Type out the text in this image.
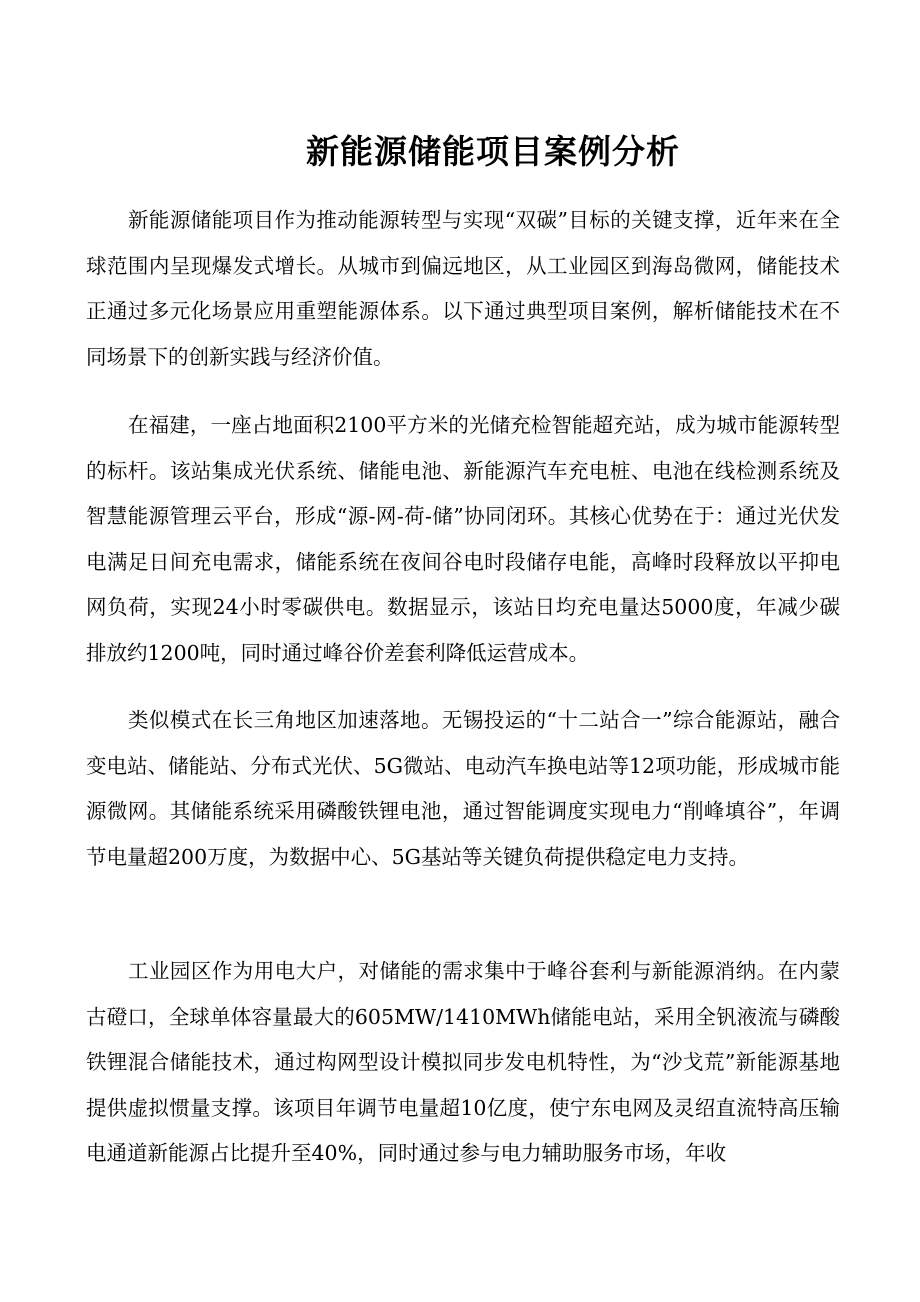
新能源储能项目案例分析

新能源储能项目作为推动能源转型与实现“双碳”目标的关键支撑，近年来在全球范围内呈现爆发式增长。从城市到偏远地区，从工业园区到海岛微网，储能技术正通过多元化场景应用重塑能源体系。以下通过典型项目案例，解析储能技术在不同场景下的创新实践与经济价值。

在福建，一座占地面积2100平方米的光储充检智能超充站，成为城市能源转型的标杆。该站集成光伏系统、储能电池、新能源汽车充电桩、电池在线检测系统及智慧能源管理云平台，形成“源-网-荷-储”协同闭环。其核心优势在于：通过光伏发电满足日间充电需求，储能系统在夜间谷电时段储存电能，高峰时段释放以平抑电网负荷，实现24小时零碳供电。数据显示，该站日均充电量达5000度，年减少碳排放约1200吨，同时通过峰谷价差套利降低运营成本。

类似模式在长三角地区加速落地。无锡投运的“十二站合一”综合能源站，融合变电站、储能站、分布式光伏、5G微站、电动汽车换电站等12项功能，形成城市能源微网。其储能系统采用磷酸铁锂电池，通过智能调度实现电力“削峰填谷”，年调节电量超200万度，为数据中心、5G基站等关键负荷提供稳定电力支持。

工业园区作为用电大户，对储能的需求集中于峰谷套利与新能源消纳。在内蒙古磴口，全球单体容量最大的605MW/1410MWh储能电站，采用全钒液流与磷酸铁锂混合储能技术，通过构网型设计模拟同步发电机特性，为“沙戈荒”新能源基地提供虚拟惯量支撑。该项目年调节电量超10亿度，使宁东电网及灵绍直流特高压输电通道新能源占比提升至40%，同时通过参与电力辅助服务市场，年收
